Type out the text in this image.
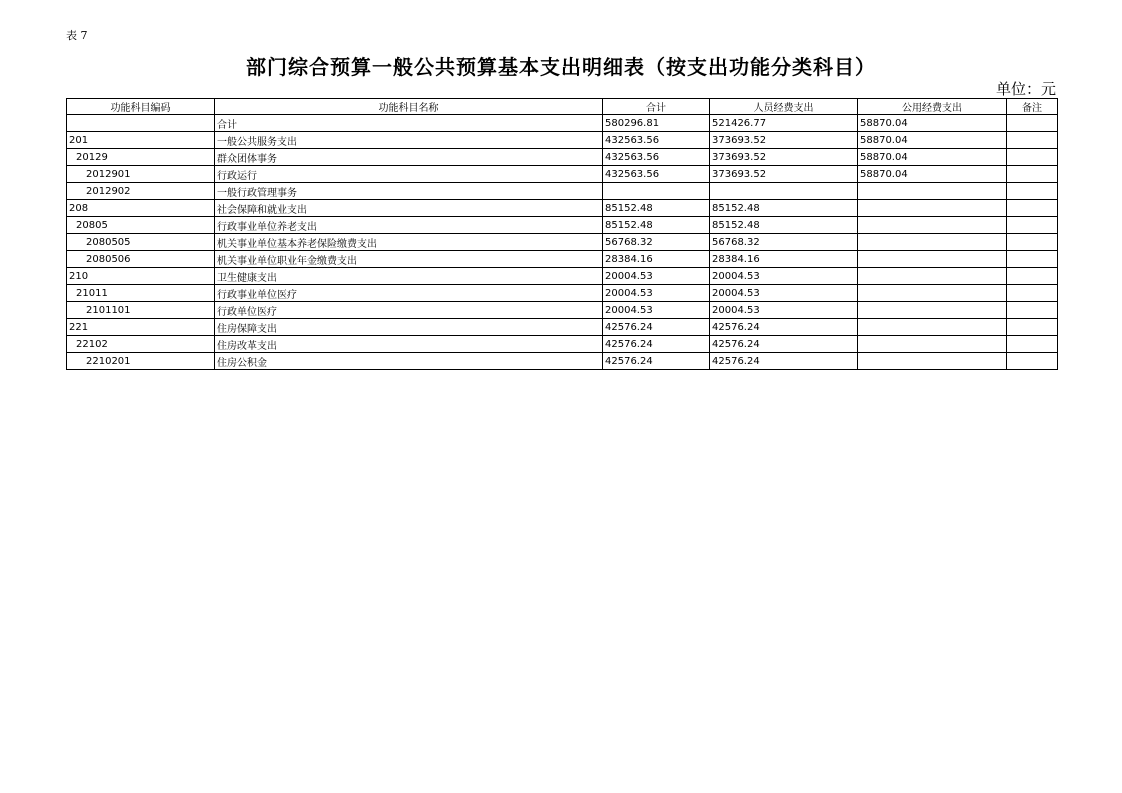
表 7
部门综合预算一般公共预算基本支出明细表（按支出功能分类科目）
单位：元
功能科目编码	功能科目名称	合计	人员经费支出	公用经费支出	备注
	合计	580296.81	521426.77	58870.04	
201	一般公共服务支出	432563.56	373693.52	58870.04	
20129	群众团体事务	432563.56	373693.52	58870.04	
2012901	行政运行	432563.56	373693.52	58870.04	
2012902	一般行政管理事务				
208	社会保障和就业支出	85152.48	85152.48		
20805	行政事业单位养老支出	85152.48	85152.48		
2080505	机关事业单位基本养老保险缴费支出	56768.32	56768.32		
2080506	机关事业单位职业年金缴费支出	28384.16	28384.16		
210	卫生健康支出	20004.53	20004.53		
21011	行政事业单位医疗	20004.53	20004.53		
2101101	行政单位医疗	20004.53	20004.53		
221	住房保障支出	42576.24	42576.24		
22102	住房改革支出	42576.24	42576.24		
2210201	住房公积金	42576.24	42576.24		
